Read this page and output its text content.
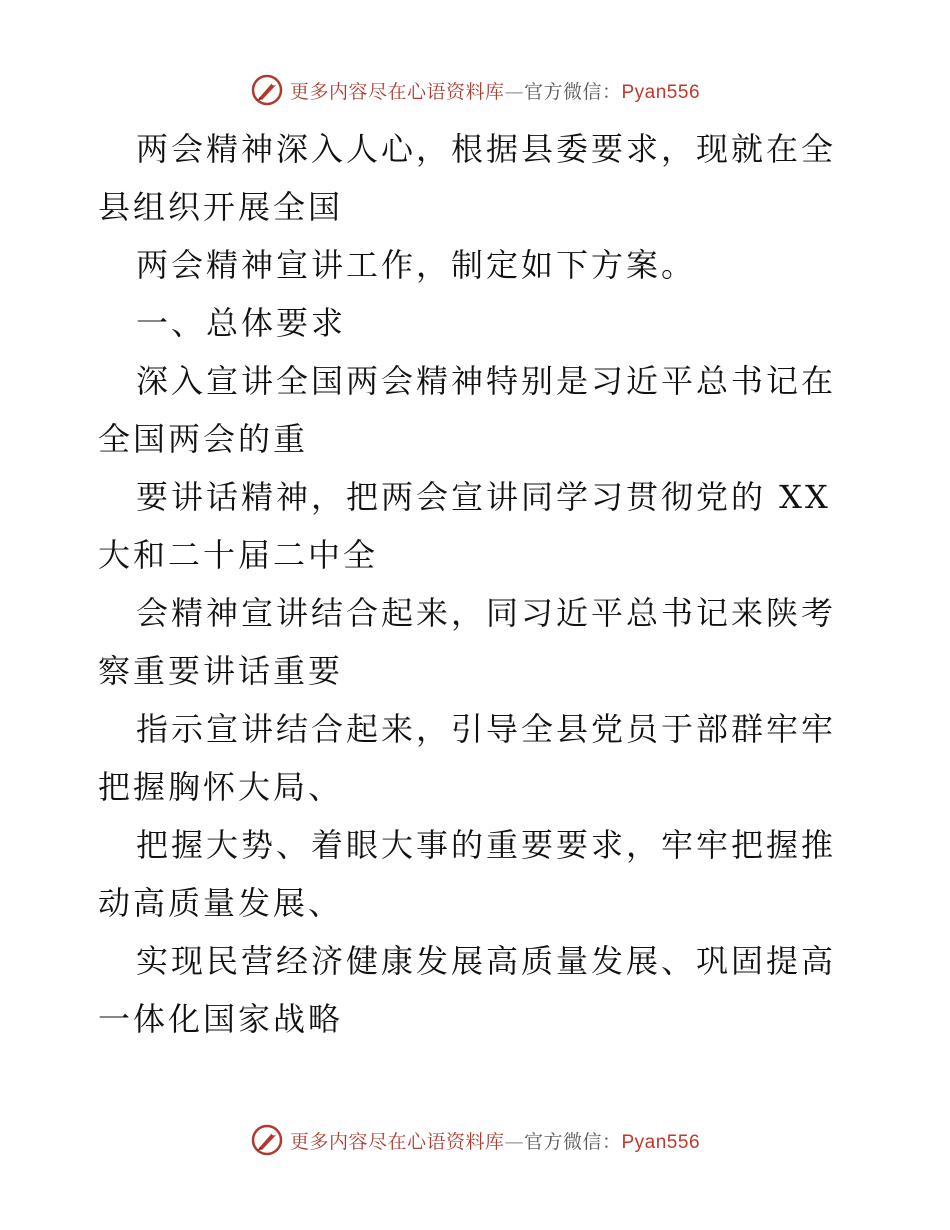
更多内容尽在心语资料库—官方微信：Pyan556

两会精神深入人心，根据县委要求，现就在全县组织开展全国

两会精神宣讲工作，制定如下方案。

一、总体要求

深入宣讲全国两会精神特别是习近平总书记在全国两会的重

要讲话精神，把两会宣讲同学习贯彻党的 XX 大和二十届二中全

会精神宣讲结合起来，同习近平总书记来陕考察重要讲话重要

指示宣讲结合起来，引导全县党员于部群牢牢把握胸怀大局、

把握大势、着眼大事的重要要求，牢牢把握推动高质量发展、

实现民营经济健康发展高质量发展、巩固提高一体化国家战略

更多内容尽在心语资料库—官方微信：Pyan556
